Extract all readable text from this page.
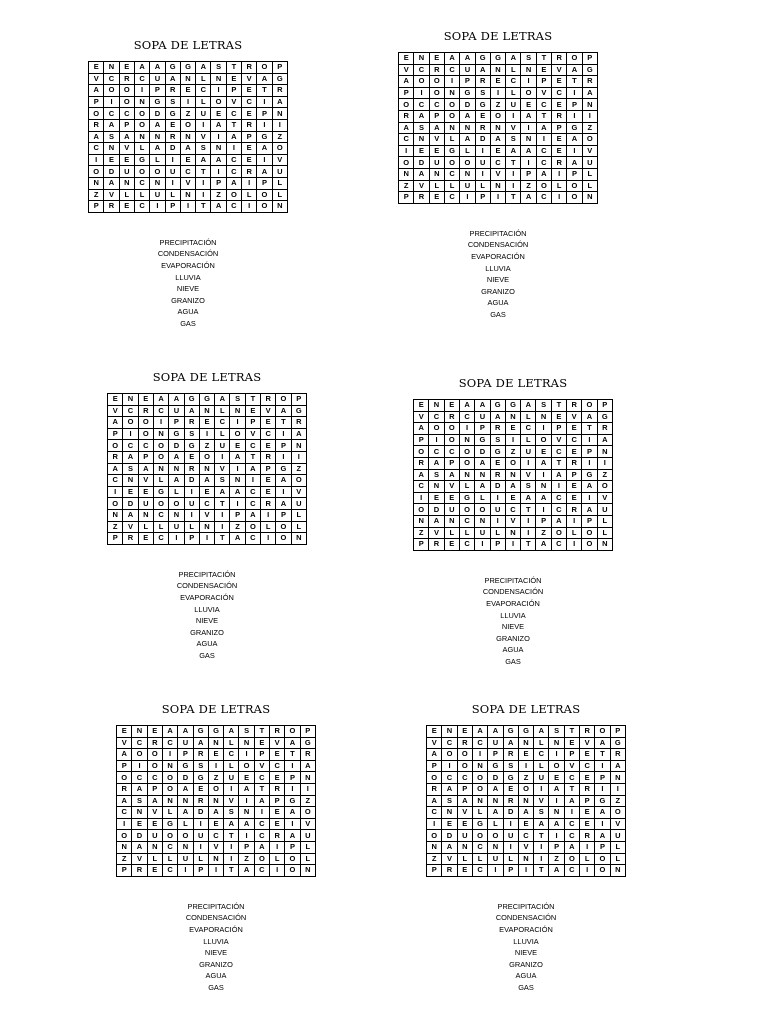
SOPA DE LETRAS
E	N	E	A	A	G	G	A	S	T	R	O	P
V	C	R	C	U	A	N	L	N	E	V	A	G
A	O	O	I	P	R	E	C	I	P	E	T	R
P	I	O	N	G	S	I	L	O	V	C	I	A
O	C	C	O	D	G	Z	U	E	C	E	P	N
R	A	P	O	A	E	O	I	A	T	R	I	I
A	S	A	N	N	R	N	V	I	A	P	G	Z
C	N	V	L	A	D	A	S	N	I	E	A	O
I	E	E	G	L	I	E	A	A	C	E	I	V
O	D	U	O	O	U	C	T	I	C	R	A	U
N	A	N	C	N	I	V	I	P	A	I	P	L
Z	V	L	L	U	L	N	I	Z	O	L	O	L
P	R	E	C	I	P	I	T	A	C	I	O	N
PRECIPITACIÓN
CONDENSACIÓN
EVAPORACIÓN
LLUVIA
NIEVE
GRANIZO
AGUA
GAS
SOPA DE LETRAS
E	N	E	A	A	G	G	A	S	T	R	O	P
V	C	R	C	U	A	N	L	N	E	V	A	G
A	O	O	I	P	R	E	C	I	P	E	T	R
P	I	O	N	G	S	I	L	O	V	C	I	A
O	C	C	O	D	G	Z	U	E	C	E	P	N
R	A	P	O	A	E	O	I	A	T	R	I	I
A	S	A	N	N	R	N	V	I	A	P	G	Z
C	N	V	L	A	D	A	S	N	I	E	A	O
I	E	E	G	L	I	E	A	A	C	E	I	V
O	D	U	O	O	U	C	T	I	C	R	A	U
N	A	N	C	N	I	V	I	P	A	I	P	L
Z	V	L	L	U	L	N	I	Z	O	L	O	L
P	R	E	C	I	P	I	T	A	C	I	O	N
PRECIPITACIÓN
CONDENSACIÓN
EVAPORACIÓN
LLUVIA
NIEVE
GRANIZO
AGUA
GAS
SOPA DE LETRAS
E	N	E	A	A	G	G	A	S	T	R	O	P
V	C	R	C	U	A	N	L	N	E	V	A	G
A	O	O	I	P	R	E	C	I	P	E	T	R
P	I	O	N	G	S	I	L	O	V	C	I	A
O	C	C	O	D	G	Z	U	E	C	E	P	N
R	A	P	O	A	E	O	I	A	T	R	I	I
A	S	A	N	N	R	N	V	I	A	P	G	Z
C	N	V	L	A	D	A	S	N	I	E	A	O
I	E	E	G	L	I	E	A	A	C	E	I	V
O	D	U	O	O	U	C	T	I	C	R	A	U
N	A	N	C	N	I	V	I	P	A	I	P	L
Z	V	L	L	U	L	N	I	Z	O	L	O	L
P	R	E	C	I	P	I	T	A	C	I	O	N
PRECIPITACIÓN
CONDENSACIÓN
EVAPORACIÓN
LLUVIA
NIEVE
GRANIZO
AGUA
GAS
SOPA DE LETRAS
E	N	E	A	A	G	G	A	S	T	R	O	P
V	C	R	C	U	A	N	L	N	E	V	A	G
A	O	O	I	P	R	E	C	I	P	E	T	R
P	I	O	N	G	S	I	L	O	V	C	I	A
O	C	C	O	D	G	Z	U	E	C	E	P	N
R	A	P	O	A	E	O	I	A	T	R	I	I
A	S	A	N	N	R	N	V	I	A	P	G	Z
C	N	V	L	A	D	A	S	N	I	E	A	O
I	E	E	G	L	I	E	A	A	C	E	I	V
O	D	U	O	O	U	C	T	I	C	R	A	U
N	A	N	C	N	I	V	I	P	A	I	P	L
Z	V	L	L	U	L	N	I	Z	O	L	O	L
P	R	E	C	I	P	I	T	A	C	I	O	N
PRECIPITACIÓN
CONDENSACIÓN
EVAPORACIÓN
LLUVIA
NIEVE
GRANIZO
AGUA
GAS
SOPA DE LETRAS
E	N	E	A	A	G	G	A	S	T	R	O	P
V	C	R	C	U	A	N	L	N	E	V	A	G
A	O	O	I	P	R	E	C	I	P	E	T	R
P	I	O	N	G	S	I	L	O	V	C	I	A
O	C	C	O	D	G	Z	U	E	C	E	P	N
R	A	P	O	A	E	O	I	A	T	R	I	I
A	S	A	N	N	R	N	V	I	A	P	G	Z
C	N	V	L	A	D	A	S	N	I	E	A	O
I	E	E	G	L	I	E	A	A	C	E	I	V
O	D	U	O	O	U	C	T	I	C	R	A	U
N	A	N	C	N	I	V	I	P	A	I	P	L
Z	V	L	L	U	L	N	I	Z	O	L	O	L
P	R	E	C	I	P	I	T	A	C	I	O	N
PRECIPITACIÓN
CONDENSACIÓN
EVAPORACIÓN
LLUVIA
NIEVE
GRANIZO
AGUA
GAS
SOPA DE LETRAS
E	N	E	A	A	G	G	A	S	T	R	O	P
V	C	R	C	U	A	N	L	N	E	V	A	G
A	O	O	I	P	R	E	C	I	P	E	T	R
P	I	O	N	G	S	I	L	O	V	C	I	A
O	C	C	O	D	G	Z	U	E	C	E	P	N
R	A	P	O	A	E	O	I	A	T	R	I	I
A	S	A	N	N	R	N	V	I	A	P	G	Z
C	N	V	L	A	D	A	S	N	I	E	A	O
I	E	E	G	L	I	E	A	A	C	E	I	V
O	D	U	O	O	U	C	T	I	C	R	A	U
N	A	N	C	N	I	V	I	P	A	I	P	L
Z	V	L	L	U	L	N	I	Z	O	L	O	L
P	R	E	C	I	P	I	T	A	C	I	O	N
PRECIPITACIÓN
CONDENSACIÓN
EVAPORACIÓN
LLUVIA
NIEVE
GRANIZO
AGUA
GAS
